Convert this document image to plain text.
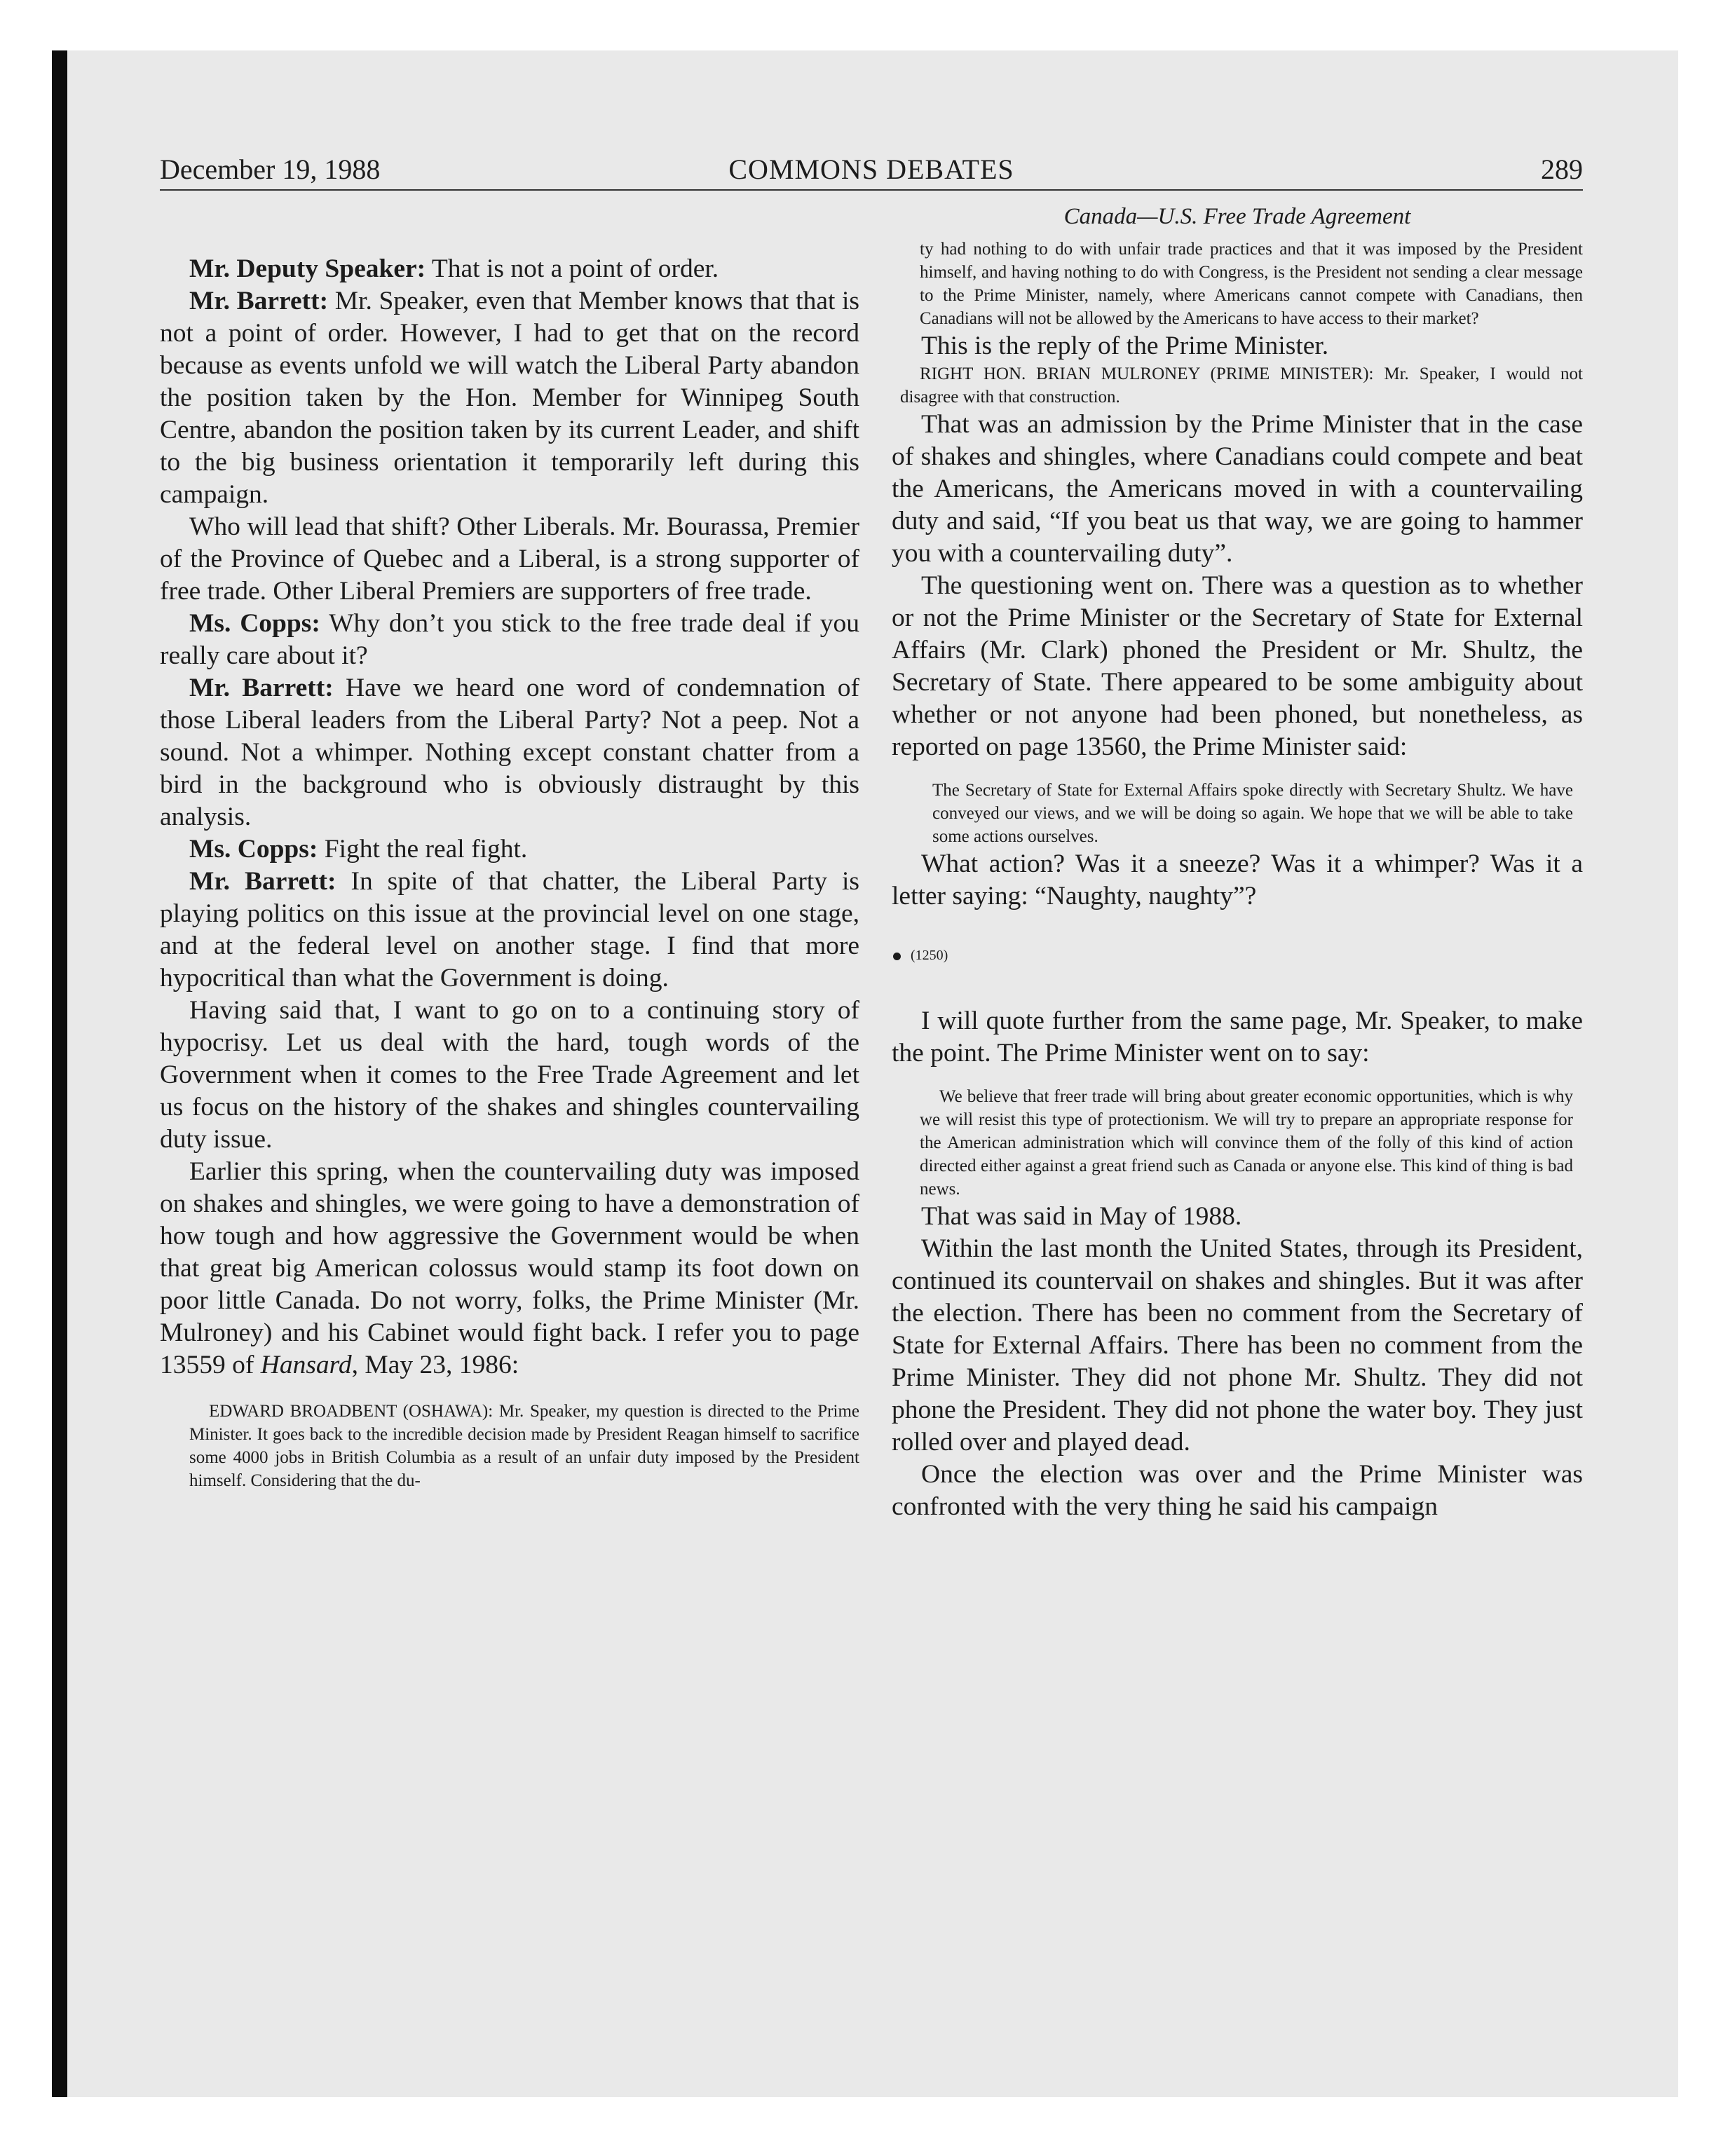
December 19, 1988	COMMONS DEBATES	289

Mr. Deputy Speaker: That is not a point of order.

Mr. Barrett: Mr. Speaker, even that Member knows that that is not a point of order. However, I had to get that on the record because as events unfold we will watch the Liberal Party abandon the position taken by the Hon. Member for Winnipeg South Centre, abandon the position taken by its current Leader, and shift to the big business orientation it temporarily left during this campaign.

Who will lead that shift? Other Liberals. Mr. Bourassa, Premier of the Province of Quebec and a Liberal, is a strong supporter of free trade. Other Liberal Premiers are supporters of free trade.

Ms. Copps: Why don’t you stick to the free trade deal if you really care about it?

Mr. Barrett: Have we heard one word of condemnation of those Liberal leaders from the Liberal Party? Not a peep. Not a sound. Not a whimper. Nothing except constant chatter from a bird in the background who is obviously distraught by this analysis.

Ms. Copps: Fight the real fight.

Mr. Barrett: In spite of that chatter, the Liberal Party is playing politics on this issue at the provincial level on one stage, and at the federal level on another stage. I find that more hypocritical than what the Government is doing.

Having said that, I want to go on to a continuing story of hypocrisy. Let us deal with the hard, tough words of the Government when it comes to the Free Trade Agreement and let us focus on the history of the shakes and shingles countervailing duty issue.

Earlier this spring, when the countervailing duty was imposed on shakes and shingles, we were going to have a demonstration of how tough and how aggressive the Government would be when that great big American colossus would stamp its foot down on poor little Canada. Do not worry, folks, the Prime Minister (Mr. Mulroney) and his Cabinet would fight back. I refer you to page 13559 of Hansard, May 23, 1986:

EDWARD BROADBENT (OSHAWA): Mr. Speaker, my question is directed to the Prime Minister. It goes back to the incredible decision made by President Reagan himself to sacrifice some 4000 jobs in British Columbia as a result of an unfair duty imposed by the President himself. Considering that the du-

Canada—U.S. Free Trade Agreement

ty had nothing to do with unfair trade practices and that it was imposed by the President himself, and having nothing to do with Congress, is the President not sending a clear message to the Prime Minister, namely, where Americans cannot compete with Canadians, then Canadians will not be allowed by the Americans to have access to their market?

This is the reply of the Prime Minister.

RIGHT HON. BRIAN MULRONEY (PRIME MINISTER): Mr. Speaker, I would not disagree with that construction.

That was an admission by the Prime Minister that in the case of shakes and shingles, where Canadians could compete and beat the Americans, the Americans moved in with a countervailing duty and said, “If you beat us that way, we are going to hammer you with a countervailing duty”.

The questioning went on. There was a question as to whether or not the Prime Minister or the Secretary of State for External Affairs (Mr. Clark) phoned the President or Mr. Shultz, the Secretary of State. There appeared to be some ambiguity about whether or not anyone had been phoned, but nonetheless, as reported on page 13560, the Prime Minister said:

The Secretary of State for External Affairs spoke directly with Secretary Shultz. We have conveyed our views, and we will be doing so again. We hope that we will be able to take some actions ourselves.

What action? Was it a sneeze? Was it a whimper? Was it a letter saying: “Naughty, naughty”?

(1250)

I will quote further from the same page, Mr. Speaker, to make the point. The Prime Minister went on to say:

We believe that freer trade will bring about greater economic opportunities, which is why we will resist this type of protectionism. We will try to prepare an appropriate response for the American administration which will convince them of the folly of this kind of action directed either against a great friend such as Canada or anyone else. This kind of thing is bad news.

That was said in May of 1988.

Within the last month the United States, through its President, continued its countervail on shakes and shingles. But it was after the election. There has been no comment from the Secretary of State for External Affairs. There has been no comment from the Prime Minister. They did not phone Mr. Shultz. They did not phone the President. They did not phone the water boy. They just rolled over and played dead.

Once the election was over and the Prime Minister was confronted with the very thing he said his campaign
